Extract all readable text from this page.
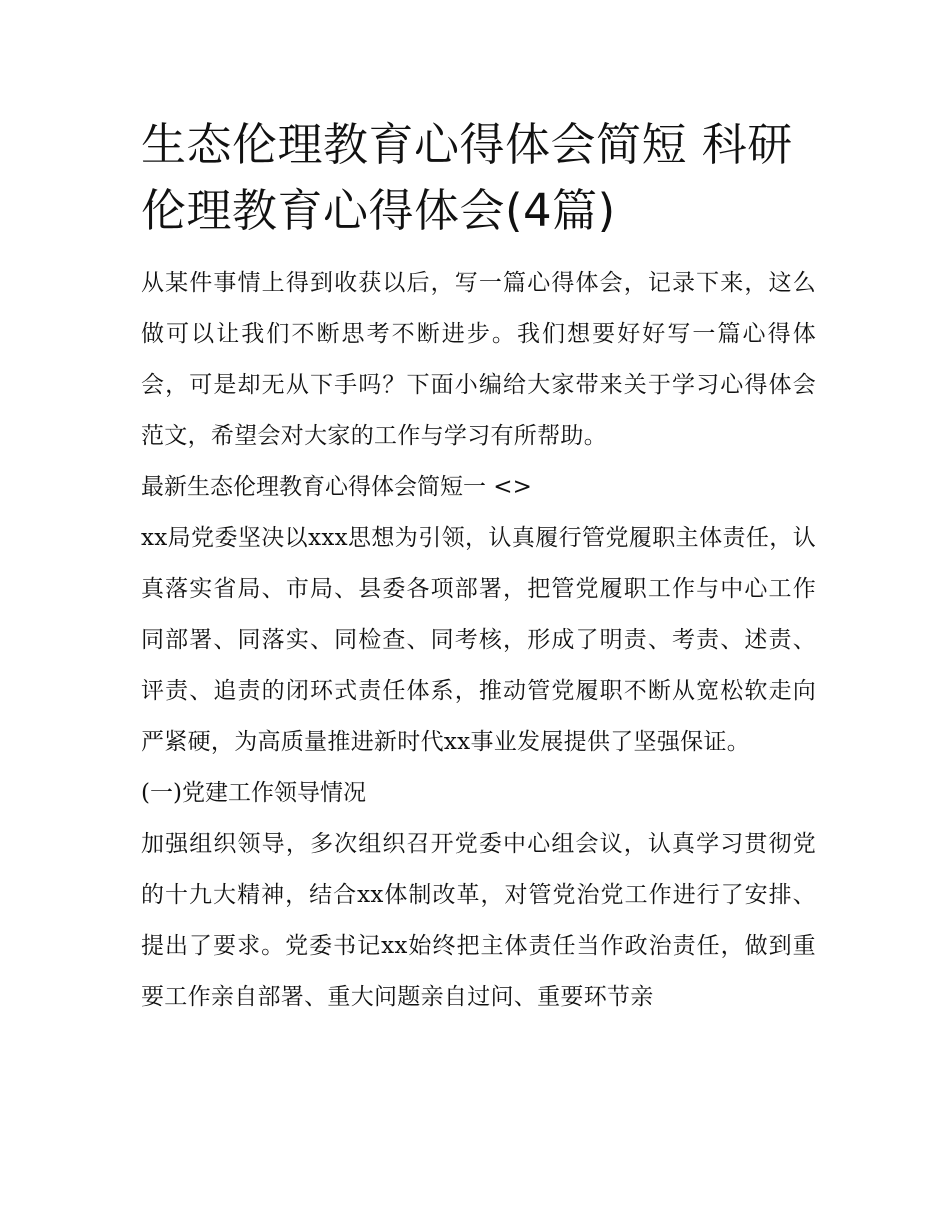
生态伦理教育心得体会简短 科研伦理教育心得体会(4篇)

从某件事情上得到收获以后，写一篇心得体会，记录下来，这么做可以让我们不断思考不断进步。我们想要好好写一篇心得体会，可是却无从下手吗？下面小编给大家带来关于学习心得体会范文，希望会对大家的工作与学习有所帮助。

最新生态伦理教育心得体会简短一 <>

xx局党委坚决以xxx思想为引领，认真履行管党履职主体责任，认真落实省局、市局、县委各项部署，把管党履职工作与中心工作同部署、同落实、同检查、同考核，形成了明责、考责、述责、评责、追责的闭环式责任体系，推动管党履职不断从宽松软走向严紧硬，为高质量推进新时代xx事业发展提供了坚强保证。

(一)党建工作领导情况

加强组织领导，多次组织召开党委中心组会议，认真学习贯彻党的十九大精神，结合xx体制改革，对管党治党工作进行了安排、提出了要求。党委书记xx始终把主体责任当作政治责任，做到重要工作亲自部署、重大问题亲自过问、重要环节亲
